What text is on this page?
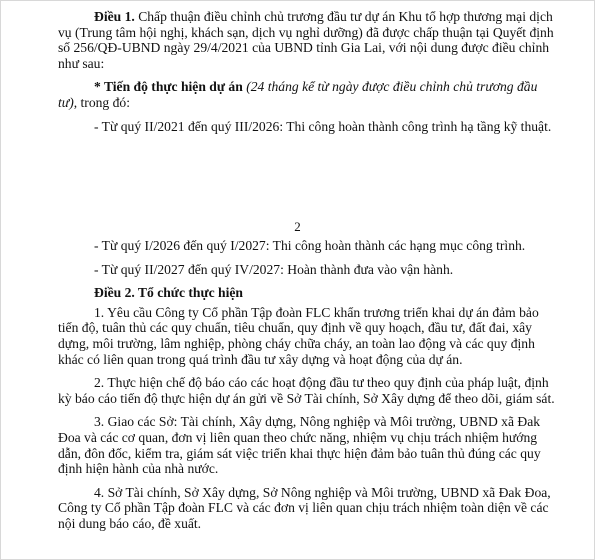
Điều 1. Chấp thuận điều chỉnh chủ trương đầu tư dự án Khu tổ hợp thương mại dịch vụ (Trung tâm hội nghị, khách sạn, dịch vụ nghỉ dưỡng) đã được chấp thuận tại Quyết định số 256/QĐ-UBND ngày 29/4/2021 của UBND tỉnh Gia Lai, với nội dung được điều chỉnh như sau:

* Tiến độ thực hiện dự án (24 tháng kể từ ngày được điều chỉnh chủ trương đầu tư), trong đó:

- Từ quý II/2021 đến quý III/2026: Thi công hoàn thành công trình hạ tầng kỹ thuật.

2

- Từ quý I/2026 đến quý I/2027: Thi công hoàn thành các hạng mục công trình.

- Từ quý II/2027 đến quý IV/2027: Hoàn thành đưa vào vận hành.

Điều 2. Tổ chức thực hiện

1. Yêu cầu Công ty Cổ phần Tập đoàn FLC khẩn trương triển khai dự án đảm bảo tiến độ, tuân thủ các quy chuẩn, tiêu chuẩn, quy định về quy hoạch, đầu tư, đất đai, xây dựng, môi trường, lâm nghiệp, phòng cháy chữa cháy, an toàn lao động và các quy định khác có liên quan trong quá trình đầu tư xây dựng và hoạt động của dự án.

2. Thực hiện chế độ báo cáo các hoạt động đầu tư theo quy định của pháp luật, định kỳ báo cáo tiến độ thực hiện dự án gửi về Sở Tài chính, Sở Xây dựng để theo dõi, giám sát.

3. Giao các Sở: Tài chính, Xây dựng, Nông nghiệp và Môi trường, UBND xã Đak Đoa và các cơ quan, đơn vị liên quan theo chức năng, nhiệm vụ chịu trách nhiệm hướng dẫn, đôn đốc, kiểm tra, giám sát việc triển khai thực hiện đảm bảo tuân thủ đúng các quy định hiện hành của nhà nước.

4. Sở Tài chính, Sở Xây dựng, Sở Nông nghiệp và Môi trường, UBND xã Đak Đoa, Công ty Cổ phần Tập đoàn FLC và các đơn vị liên quan chịu trách nhiệm toàn diện về các nội dung báo cáo, đề xuất.
